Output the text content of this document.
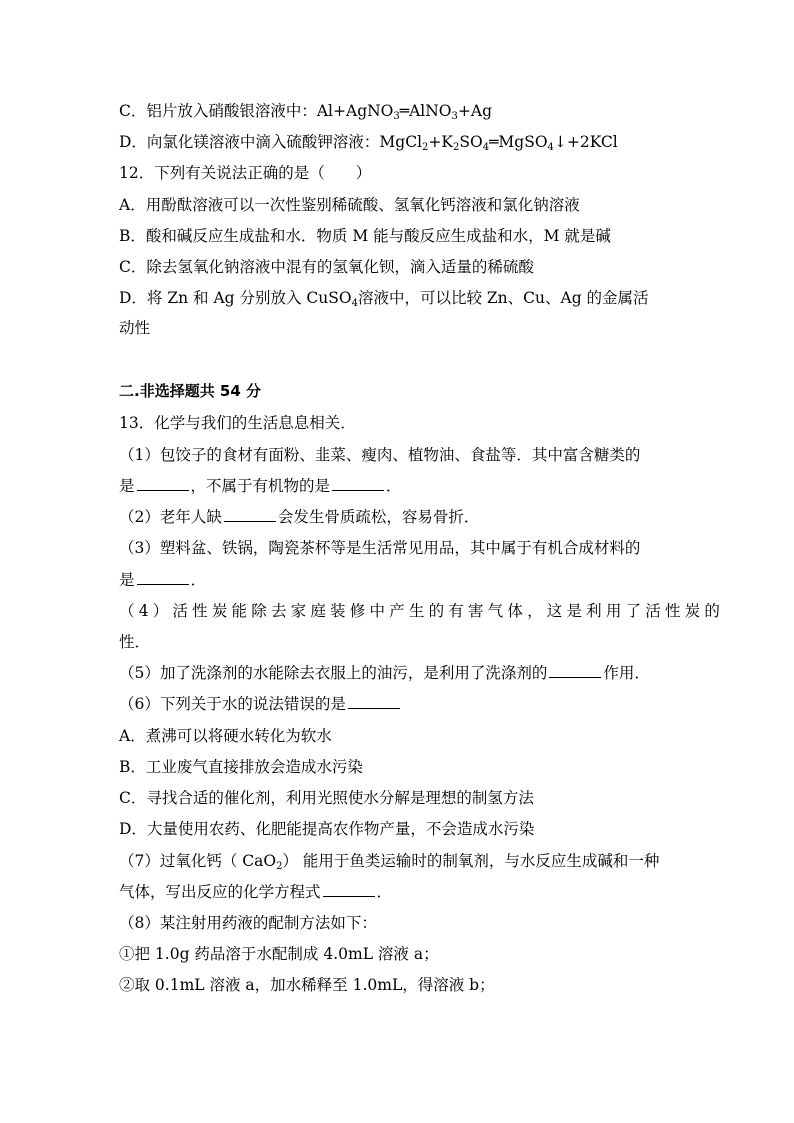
C．铝片放入硝酸银溶液中：Al+AgNO$_3$═AlNO$_3$+Ag
D．向氯化镁溶液中滴入硫酸钾溶液：$MgCl_2+K_2SO_4═MgSO_4↓+2KCl$
12．下列有关说法正确的是（　　）
A．用酚酞溶液可以一次性鉴别稀硫酸、氢氧化钙溶液和氯化钠溶液
B．酸和碱反应生成盐和水．物质 M 能与酸反应生成盐和水，M 就是碱
C．除去氢氧化钠溶液中混有的氢氧化钡，滴入适量的稀硫酸
D．将 Zn 和 Ag 分别放入 CuSO$_4$溶液中，可以比较 Zn、Cu、Ag 的金属活
动性
二.非选择题共 54 分
13．化学与我们的生活息息相关．
（1）包饺子的食材有面粉、韭菜、瘦肉、植物油、食盐等．其中富含糖类的
是	，不属于有机物的是	．
（2）老年人缺	会发生骨质疏松，容易骨折．
（3）塑料盆、铁锅，陶瓷茶杯等是生活常见用品，其中属于有机合成材料的
是	．
（4）活性炭能除去家庭装修中产生的有害气体，这是利用了活性炭的
性．
（5）加了洗涤剂的水能除去衣服上的油污，是利用了洗涤剂的	作用．
（6）下列关于水的说法错误的是
A．煮沸可以将硬水转化为软水
B．工业废气直接排放会造成水污染
C．寻找合适的催化剂，利用光照使水分解是理想的制氢方法
D．大量使用农药、化肥能提高农作物产量，不会造成水污染
（7）过氧化钙（ CaO$_2$） 能用于鱼类运输时的制氧剂，与水反应生成碱和一种
气体，写出反应的化学方程式	．
（8）某注射用药液的配制方法如下：
①把 1.0g 药品溶于水配制成 4.0mL 溶液 a；
②取 0.1mL 溶液 a，加水稀释至 1.0mL，得溶液 b；
